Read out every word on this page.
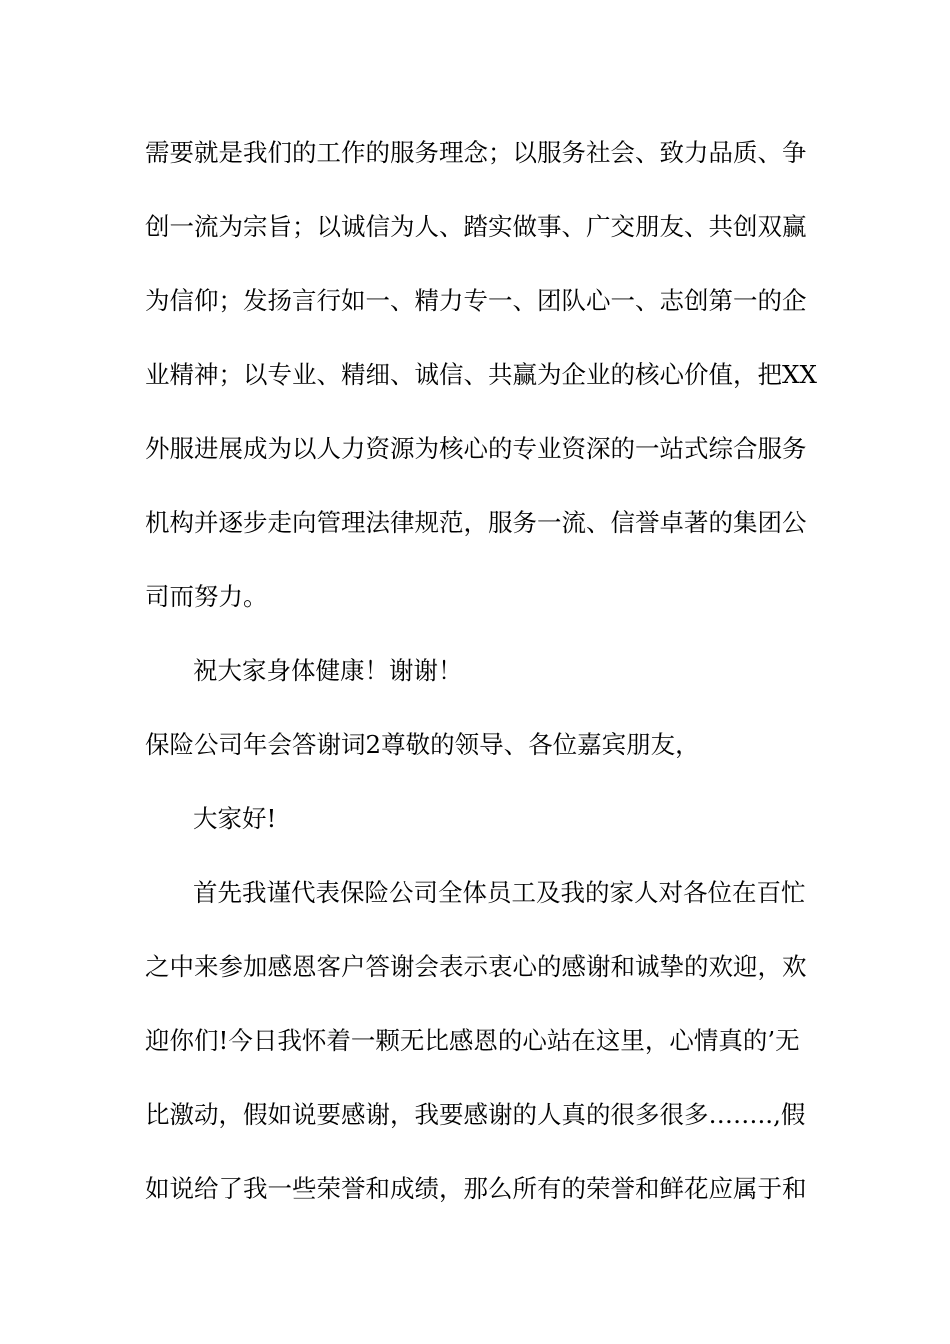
需要就是我们的工作的服务理念；以服务社会、致力品质、争
创一流为宗旨；以诚信为人、踏实做事、广交朋友、共创双赢
为信仰；发扬言行如一、精力专一、团队心一、志创第一的企
业精神；以专业、精细、诚信、共赢为企业的核心价值，把XX
外服进展成为以人力资源为核心的专业资深的一站式综合服务
机构并逐步走向管理法律规范，服务一流、信誉卓著的集团公
司而努力。
祝大家身体健康！谢谢！
保险公司年会答谢词2尊敬的领导、各位嘉宾朋友，
大家好!
首先我谨代表保险公司全体员工及我的家人对各位在百忙
之中来参加感恩客户答谢会表示衷心的感谢和诚挚的欢迎，欢
迎你们!今日我怀着一颗无比感恩的心站在这里，心情真的’无
比激动，假如说要感谢，我要感谢的人真的很多很多……..,假
如说给了我一些荣誉和成绩，那么所有的荣誉和鲜花应属于和
